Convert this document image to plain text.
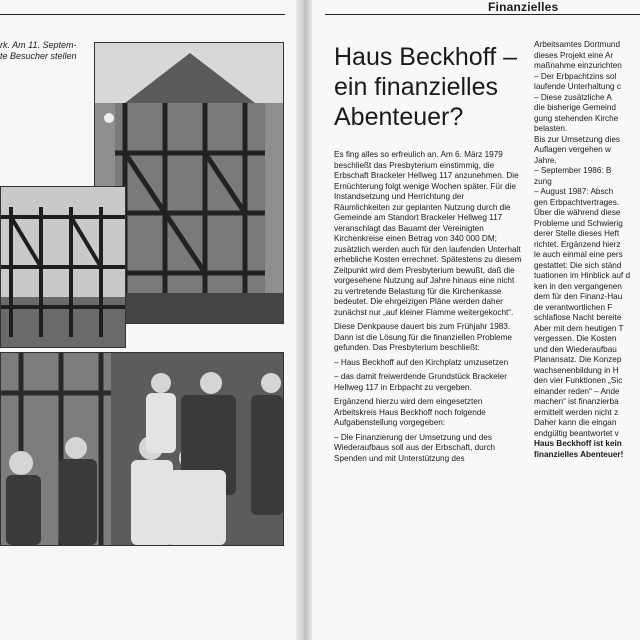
Finanzielles
rk. Am 11. Septem- te Besucher stellen	Haus Beckhoff – ein finanzielles Abenteuer?

Es fing alles so erfreulich an. Am 6. März 1979 beschließt das Presbyterium einstimmig, die Erbschaft Brackeler Hellweg 117 anzunehmen. Die Ernüchterung folgt wenige Wochen später. Für die Instandsetzung und Herrichtung der Räumlichkeiten zur geplanten Nutzung durch die Gemeinde am Standort Brackeler Hellweg 117 veranschlagt das Bauamt der Vereinigten Kirchenkreise einen Betrag von 340 000 DM; zusätzlich werden auch für den laufenden Unterhalt erhebliche Kosten errechnet. Spätestens zu diesem Zeitpunkt wird dem Presbyterium bewußt, daß die vorgesehene Nutzung auf Jahre hinaus eine nicht zu vertretende Belastung für die Kirchenkasse bedeutet. Die ehrgeizigen Pläne werden daher zunächst nur „auf kleiner Flamme weitergekocht“.

Diese Denkpause dauert bis zum Frühjahr 1983. Dann ist die Lösung für die finanziellen Probleme gefunden. Das Presbyterium beschließt:

– Haus Beckhoff auf den Kirchplatz umzusetzen

– das damit freiwerdende Grundstück Brackeler Hellweg 117 in Erbpacht zu vergeben.

Ergänzend hierzu wird dem eingesetzten Arbeitskreis Haus Beckhoff noch folgende Aufgabenstellung vorgegeben:

– Die Finanzierung der Umsetzung und des Wiederaufbaus soll aus der Erbschaft, durch Spenden und mit Unterstützung des

Arbeitsamtes Dortmund
dieses Projekt eine Ar
maßnahme einzurichten
– Der Erbpachtzins sol
laufende Unterhaltung c
– Diese zusätzliche A
die bisherige Gemeind
gung stehenden Kirche
belasten.
Bis zur Umsetzung dies
Auflagen vergehen w
Jahre.
– September 1986: B
zung
– August 1987: Absch
gen Erbpachtvertrages.
Über die während diese
Probleme und Schwierig
derer Stelle dieses Heft
richtet. Ergänzend hierz
le auch einmal eine pers
gestattet: Die sich ständ
tuationen im Hinblick auf d
ken in den vergangenen
dem für den Finanz-Hau
de verantwortlichen F
schlaflose Nacht bereite
Aber mit dem heutigen T
vergessen. Die Kosten
und den Wiederaufbau
Planansatz. Die Konzep
wachsenenbildung in H
den vier Funktionen „Sic
einander reden“ – Ande
machen“ ist finanzierba
ermittelt werden nicht z
Daher kann die eingan
endgültig beantwortet v
Haus Beckhoff ist kein
finanzielles Abenteuer!
